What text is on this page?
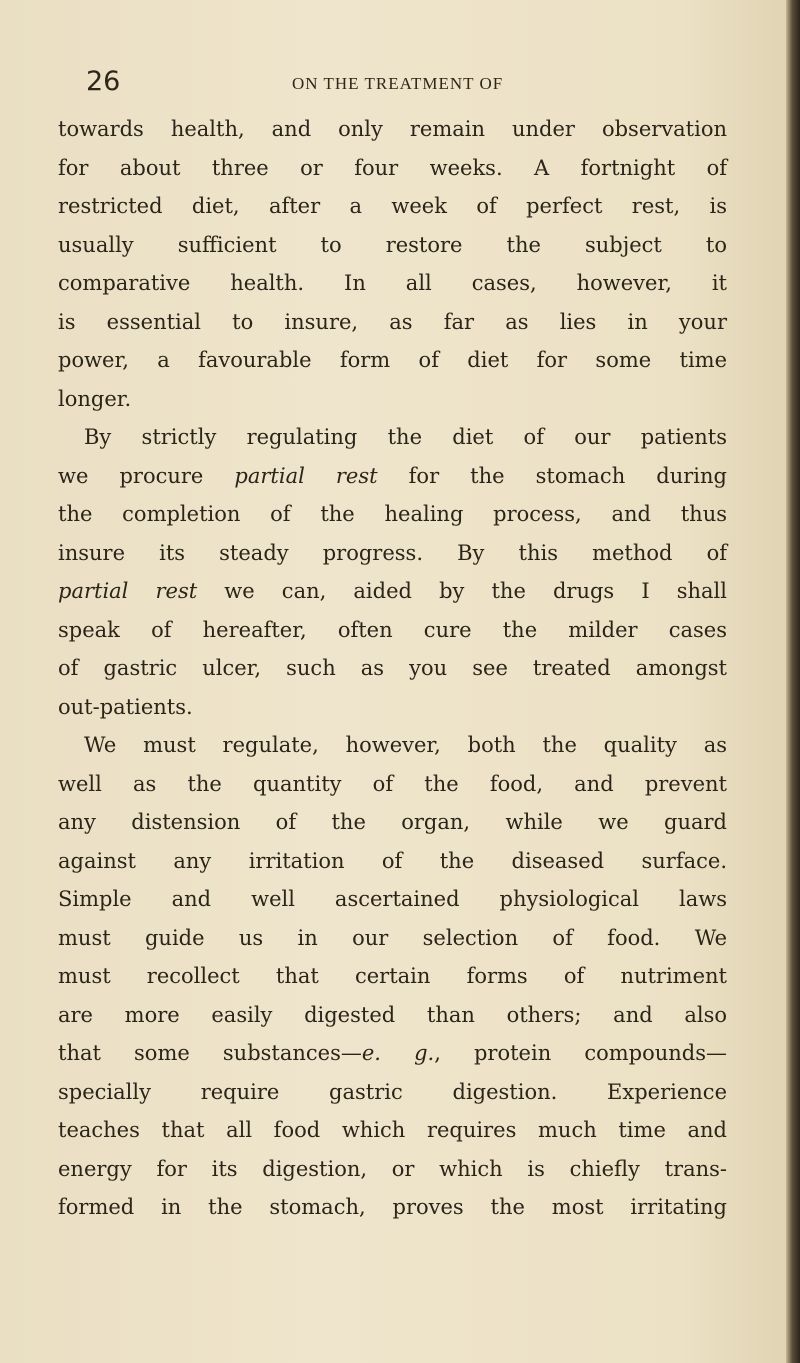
26	ON THE TREATMENT OF
towards health, and only remain under observation
for about three or four weeks. A fortnight of
restricted diet, after a week of perfect rest, is
usually sufficient to restore the subject to
comparative health. In all cases, however, it
is essential to insure, as far as lies in your
power, a favourable form of diet for some time
longer.
By strictly regulating the diet of our patients
we procure partial rest for the stomach during
the completion of the healing process, and thus
insure its steady progress. By this method of
partial rest we can, aided by the drugs I shall
speak of hereafter, often cure the milder cases
of gastric ulcer, such as you see treated amongst
out-patients.
We must regulate, however, both the quality as
well as the quantity of the food, and prevent
any distension of the organ, while we guard
against any irritation of the diseased surface.
Simple and well ascertained physiological laws
must guide us in our selection of food. We
must recollect that certain forms of nutriment
are more easily digested than others; and also
that some substances—e. g., protein compounds—
specially require gastric digestion. Experience
teaches that all food which requires much time and
energy for its digestion, or which is chiefly trans-
formed in the stomach, proves the most irritating
